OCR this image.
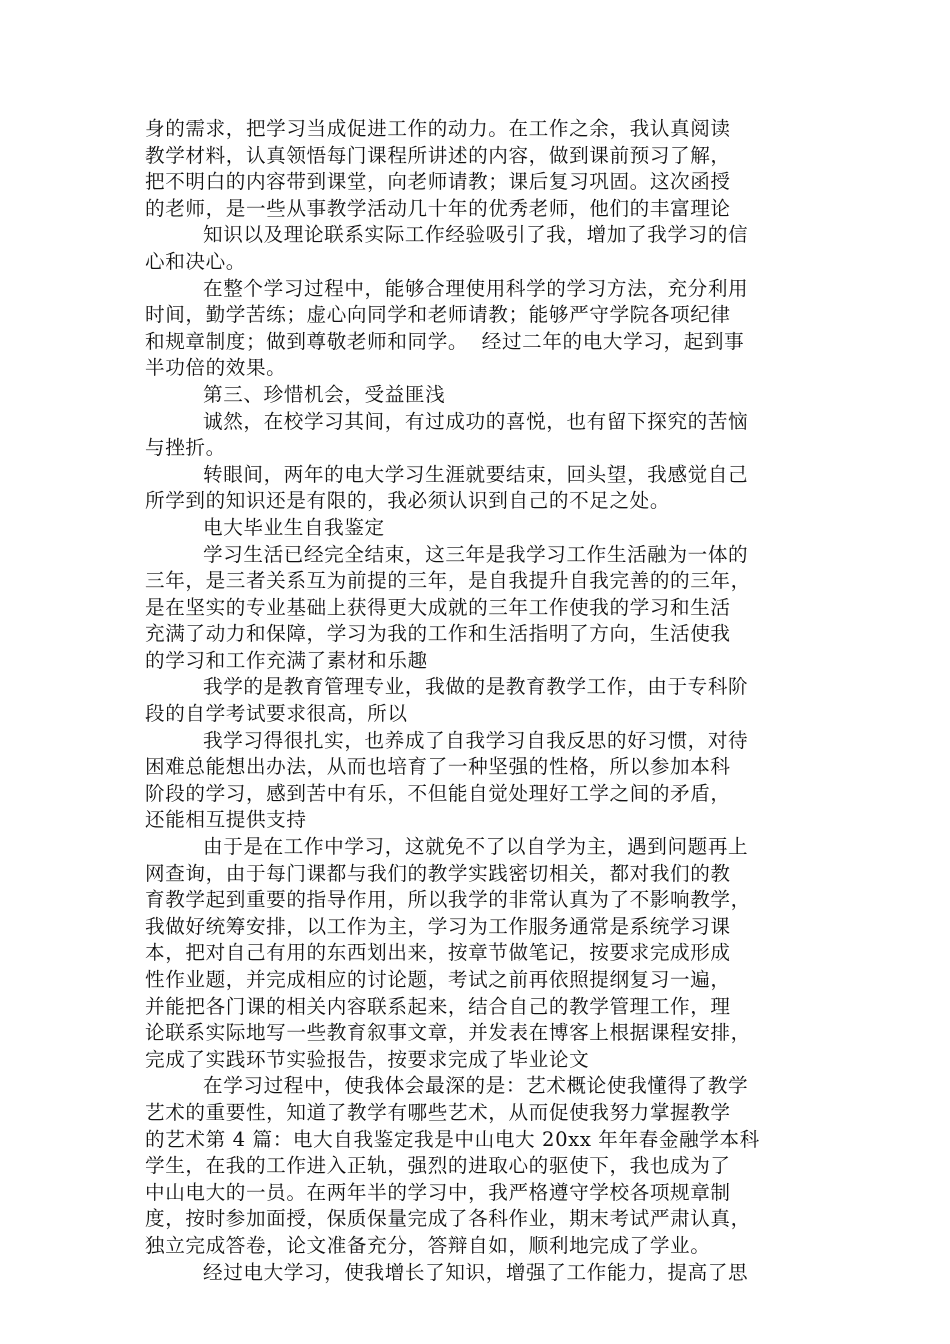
身的需求，把学习当成促进工作的动力。在工作之余，我认真阅读
教学材料，认真领悟每门课程所讲述的内容，做到课前预习了解，
把不明白的内容带到课堂，向老师请教；课后复习巩固。这次函授
的老师，是一些从事教学活动几十年的优秀老师，他们的丰富理论
知识以及理论联系实际工作经验吸引了我，增加了我学习的信
心和决心。
在整个学习过程中，能够合理使用科学的学习方法，充分利用
时间，勤学苦练；虚心向同学和老师请教；能够严守学院各项纪律
和规章制度；做到尊敬老师和同学。  经过二年的电大学习，起到事
半功倍的效果。
第三、珍惜机会，受益匪浅
诚然，在校学习其间，有过成功的喜悦，也有留下探究的苦恼
与挫折。
转眼间，两年的电大学习生涯就要结束，回头望，我感觉自己
所学到的知识还是有限的，我必须认识到自己的不足之处。
电大毕业生自我鉴定
学习生活已经完全结束，这三年是我学习工作生活融为一体的
三年，是三者关系互为前提的三年，是自我提升自我完善的的三年，
是在坚实的专业基础上获得更大成就的三年工作使我的学习和生活
充满了动力和保障，学习为我的工作和生活指明了方向，生活使我
的学习和工作充满了素材和乐趣
我学的是教育管理专业，我做的是教育教学工作，由于专科阶
段的自学考试要求很高，所以
我学习得很扎实，也养成了自我学习自我反思的好习惯，对待
困难总能想出办法，从而也培育了一种坚强的性格，所以参加本科
阶段的学习，感到苦中有乐，不但能自觉处理好工学之间的矛盾，
还能相互提供支持
由于是在工作中学习，这就免不了以自学为主，遇到问题再上
网查询，由于每门课都与我们的教学实践密切相关，都对我们的教
育教学起到重要的指导作用，所以我学的非常认真为了不影响教学，
我做好统筹安排，以工作为主，学习为工作服务通常是系统学习课
本，把对自己有用的东西划出来，按章节做笔记，按要求完成形成
性作业题，并完成相应的讨论题，考试之前再依照提纲复习一遍，
并能把各门课的相关内容联系起来，结合自己的教学管理工作，理
论联系实际地写一些教育叙事文章，并发表在博客上根据课程安排，
完成了实践环节实验报告，按要求完成了毕业论文
在学习过程中，使我体会最深的是：艺术概论使我懂得了教学
艺术的重要性，知道了教学有哪些艺术，从而促使我努力掌握教学
的艺术第 4 篇：电大自我鉴定我是中山电大 20xx 年年春金融学本科
学生，在我的工作进入正轨，强烈的进取心的驱使下，我也成为了
中山电大的一员。在两年半的学习中，我严格遵守学校各项规章制
度，按时参加面授，保质保量完成了各科作业，期末考试严肃认真，
独立完成答卷，论文准备充分，答辩自如，顺利地完成了学业。
经过电大学习，使我增长了知识，增强了工作能力，提高了思
